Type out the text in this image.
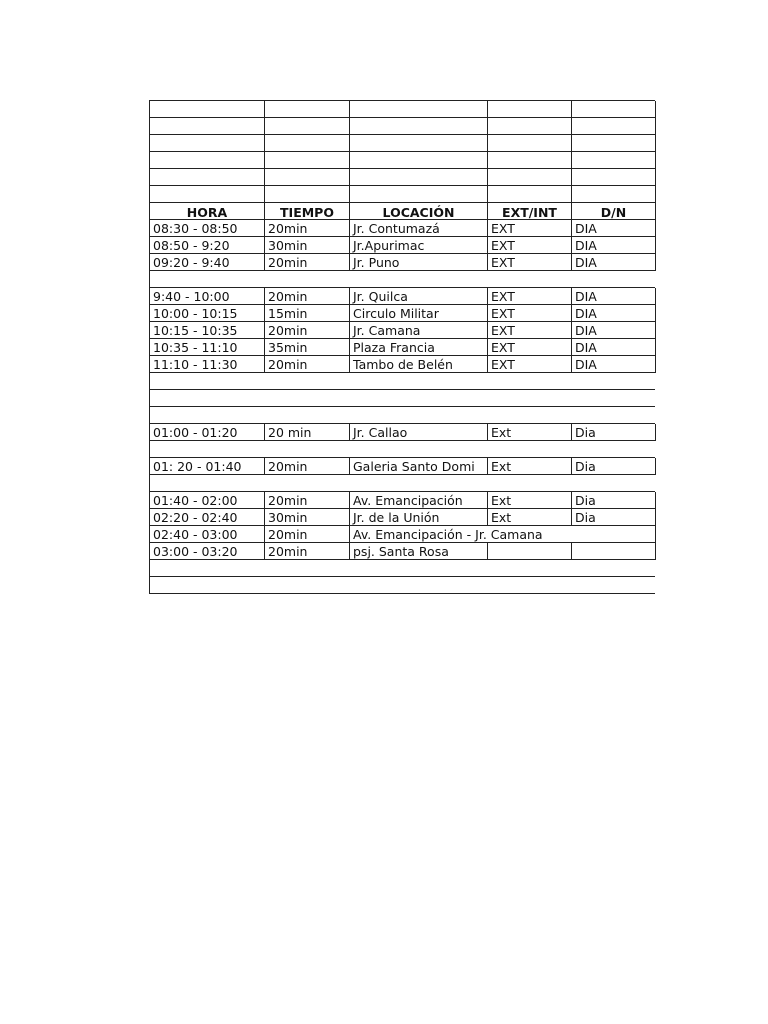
HORA	TIEMPO	LOCACIÓN	EXT/INT	D/N
08:30 - 08:50	20min	Jr. Contumazá	EXT	DIA
08:50 - 9:20	30min	Jr.Apurimac	EXT	DIA
09:20 - 9:40	20min	Jr. Puno	EXT	DIA
9:40 - 10:00	20min	Jr. Quilca	EXT	DIA
10:00 - 10:15	15min	Circulo Militar	EXT	DIA
10:15 - 10:35	20min	Jr. Camana	EXT	DIA
10:35 - 11:10	35min	Plaza Francia	EXT	DIA
11:10 - 11:30	20min	Tambo de Belén	EXT	DIA
01:00 - 01:20	20 min	Jr. Callao	Ext	Dia
01: 20 - 01:40	20min	Galeria Santo Domi	Ext	Dia
01:40 - 02:00	20min	Av. Emancipación	Ext	Dia
02:20 - 02:40	30min	Jr. de la Unión	Ext	Dia
02:40 - 03:00	20min	Av. Emancipación - Jr. Camana
03:00 - 03:20	20min	psj. Santa Rosa
